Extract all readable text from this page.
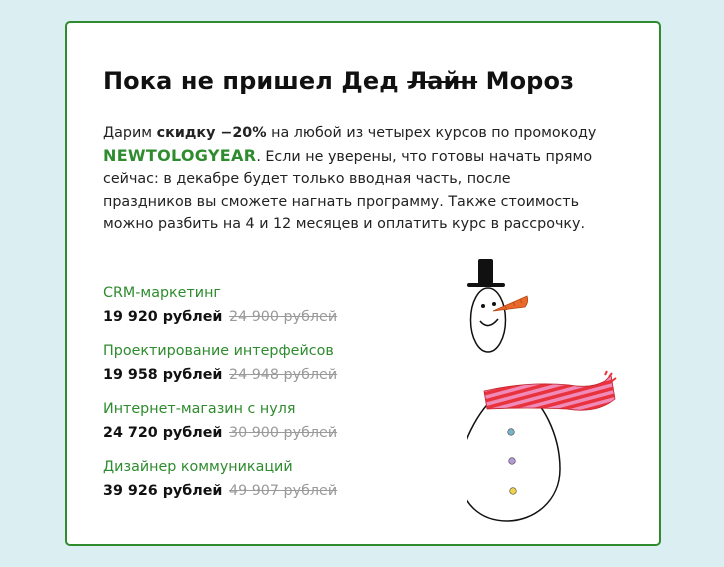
Пока не пришел Дед Лайн Мороз

Дарим скидку −20% на любой из четырех курсов по промокоду NEWTOLOGYEAR. Если не уверены, что готовы начать прямо сейчас: в декабре будет только вводная часть, после праздников вы сможете нагнать программу. Также стоимость можно разбить на 4 и 12 месяцев и оплатить курс в рассрочку.

CRM-маркетинг
19 920 рублей 24 900 рублей
Проектирование интерфейсов
19 958 рублей 24 948 рублей
Интернет-магазин с нуля
24 720 рублей 30 900 рублей
Дизайнер коммуникаций
39 926 рублей 49 907 рублей
